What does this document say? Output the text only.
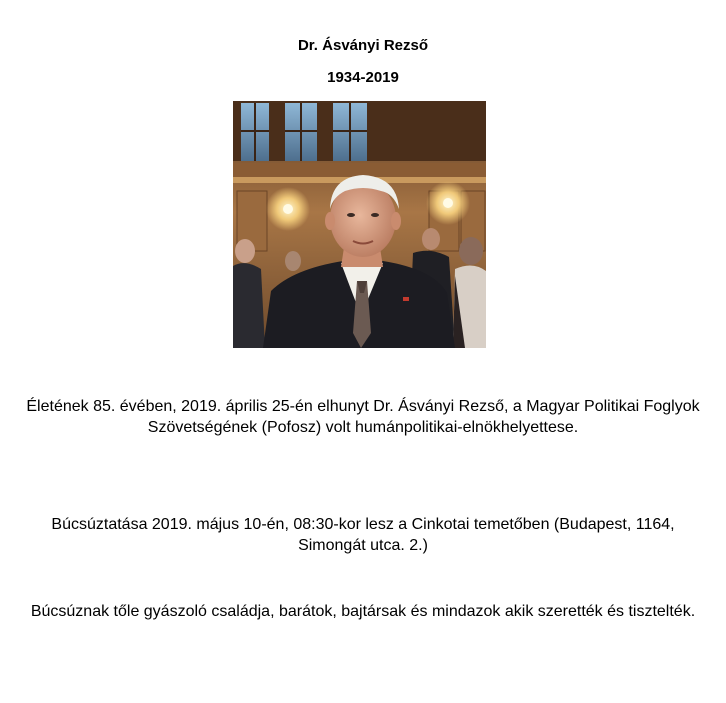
Dr. Ásványi Rezső
1934-2019
Életének 85. évében, 2019. április 25-én elhunyt Dr. Ásványi Rezső, a Magyar Politikai Foglyok Szövetségének (Pofosz) volt humánpolitikai-elnökhelyettese.
Búcsúztatása 2019. május 10-én, 08:30-kor lesz a Cinkotai temetőben (Budapest, 1164, Simongát utca. 2.)
Búcsúznak tőle gyászoló családja, barátok, bajtársak és mindazok akik szerették és tisztelték.
